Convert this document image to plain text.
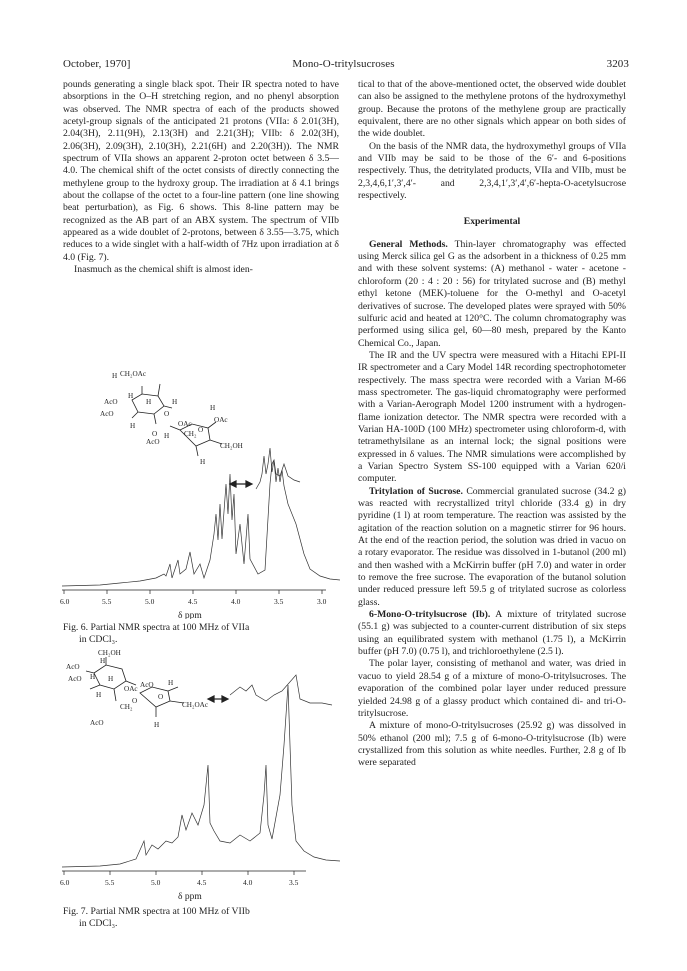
October, 1970]	Mono-O-tritylsucroses	3203

pounds generating a single black spot. Their IR spectra noted to have absorptions in the O–H stretching region, and no phenyl absorption was observed. The NMR spectra of each of the products showed acetyl-group signals of the anticipated 21 protons (VIIa: δ 2.01(3H), 2.04(3H), 2.11(9H), 2.13(3H) and 2.21(3H); VIIb: δ 2.02(3H), 2.06(3H), 2.09(3H), 2.10(3H), 2.21(6H) and 2.20(3H)). The NMR spectrum of VIIa shows an apparent 2-proton octet between δ 3.5—4.0. The chemical shift of the octet consists of directly connecting the methylene group to the hydroxy group. The irradiation at δ 4.1 brings about the collapse of the octet to a four-line pattern (one line showing beat perturbation), as Fig. 6 shows. This 8-line pattern may be recognized as the AB part of an ABX system. The spectrum of VIIb appeared as a wide doublet of 2-protons, between δ 3.55—3.75, which reduces to a wide singlet with a half-width of 7Hz upon irradiation at δ 4.0 (Fig. 7).

Inasmuch as the chemical shift is almost iden-

H CH₂OAc
AcO
AcO
H
H	H
OAc
H
AcO
H CH₂
OAc
H
CH₂OH
O
O
H
O
6.0	5.5	5.0	4.5	4.0	3.5	3.0
δ ppm
Fig. 6. Partial NMR spectra at 100 MHz of VIIa
in CDCl₃.
CH₂OH
H
AcO
AcO H H
OAc AcO
H
O
CH₂
O
CH₂OAc
H
AcO	H
6.0	5.5	5.0	4.5	4.0	3.5
δ ppm
Fig. 7. Partial NMR spectra at 100 MHz of VIIb
in CDCl₃.

tical to that of the above-mentioned octet, the observed wide doublet can also be assigned to the methylene protons of the hydroxymethyl group. Because the protons of the methylene group are practically equivalent, there are no other signals which appear on both sides of the wide doublet.

On the basis of the NMR data, the hydroxymethyl groups of VIIa and VIIb may be said to be those of the 6′- and 6-positions respectively. Thus, the detritylated products, VIIa and VIIb, must be 2,3,4,6,1′,3′,4′- and 2,3,4,1′,3′,4′,6′-hepta-O-acetylsucrose respectively.

Experimental

General Methods. Thin-layer chromatography was effected using Merck silica gel G as the adsorbent in a thickness of 0.25 mm and with these solvent systems: (A) methanol - water - acetone - chloroform (20 : 4 : 20 : 56) for tritylated sucrose and (B) methyl ethyl ketone (MEK)-toluene for the O-methyl and O-acetyl derivatives of sucrose. The developed plates were sprayed with 50% sulfuric acid and heated at 120°C. The column chromatography was performed using silica gel, 60—80 mesh, prepared by the Kanto Chemical Co., Japan.

The IR and the UV spectra were measured with a Hitachi EPI-II IR spectrometer and a Cary Model 14R recording spectrophotometer respectively. The mass spectra were recorded with a Varian M-66 mass spectrometer. The gas-liquid chromatography were performed with a Varian-Aerograph Model 1200 instrument with a hydrogen-flame ionization detector. The NMR spectra were recorded with a Varian HA-100D (100 MHz) spectrometer using chloroform-d, with tetramethylsilane as an internal lock; the signal positions were expressed in δ values. The NMR simulations were accomplished by a Varian Spectro System SS-100 equipped with a Varian 620/i computer.

Tritylation of Sucrose. Commercial granulated sucrose (34.2 g) was reacted with recrystallized trityl chloride (33.4 g) in dry pyridine (1 l) at room temperature. The reaction was assisted by the agitation of the reaction solution on a magnetic stirrer for 96 hours. At the end of the reaction period, the solution was dried in vacuo on a rotary evaporator. The residue was dissolved in 1-butanol (200 ml) and then washed with a McKirrin buffer (pH 7.0) and water in order to remove the free sucrose. The evaporation of the butanol solution under reduced pressure left 59.5 g of tritylated sucrose as colorless glass.

6-Mono-O-tritylsucrose (Ib). A mixture of tritylated sucrose (55.1 g) was subjected to a counter-current distribution of six steps using an equilibrated system with methanol (1.75 l), a McKirrin buffer (pH 7.0) (0.75 l), and trichloroethylene (2.5 l).

The polar layer, consisting of methanol and water, was dried in vacuo to yield 28.54 g of a mixture of mono-O-tritylsucroses. The evaporation of the combined polar layer under reduced pressure yielded 24.98 g of a glassy product which contained di- and tri-O-tritylsucrose.

A mixture of mono-O-tritylsucroses (25.92 g) was dissolved in 50% ethanol (200 ml); 7.5 g of 6-mono-O-tritylsucrose (Ib) were crystallized from this solution as white needles. Further, 2.8 g of Ib were separated
